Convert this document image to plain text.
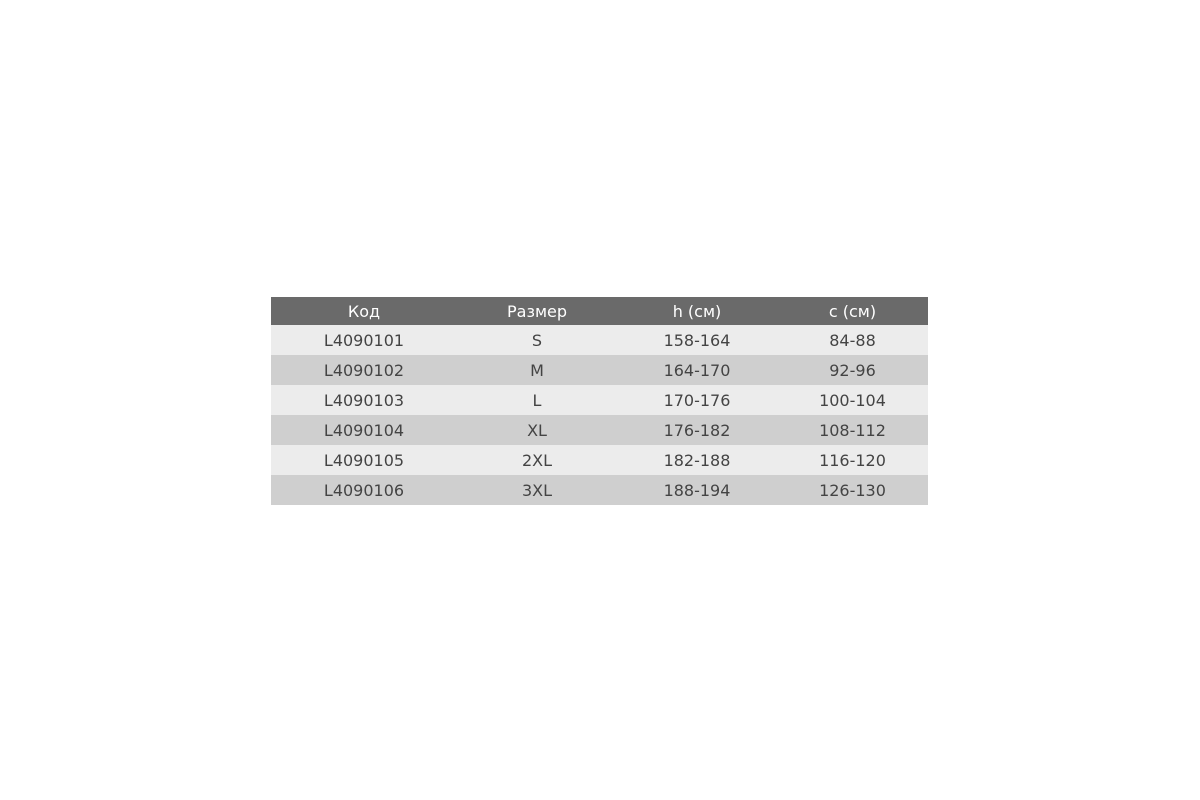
Код	Размер	h (см)	с (см)
L4090101	S	158-164	84-88
L4090102	M	164-170	92-96
L4090103	L	170-176	100-104
L4090104	XL	176-182	108-112
L4090105	2XL	182-188	116-120
L4090106	3XL	188-194	126-130
